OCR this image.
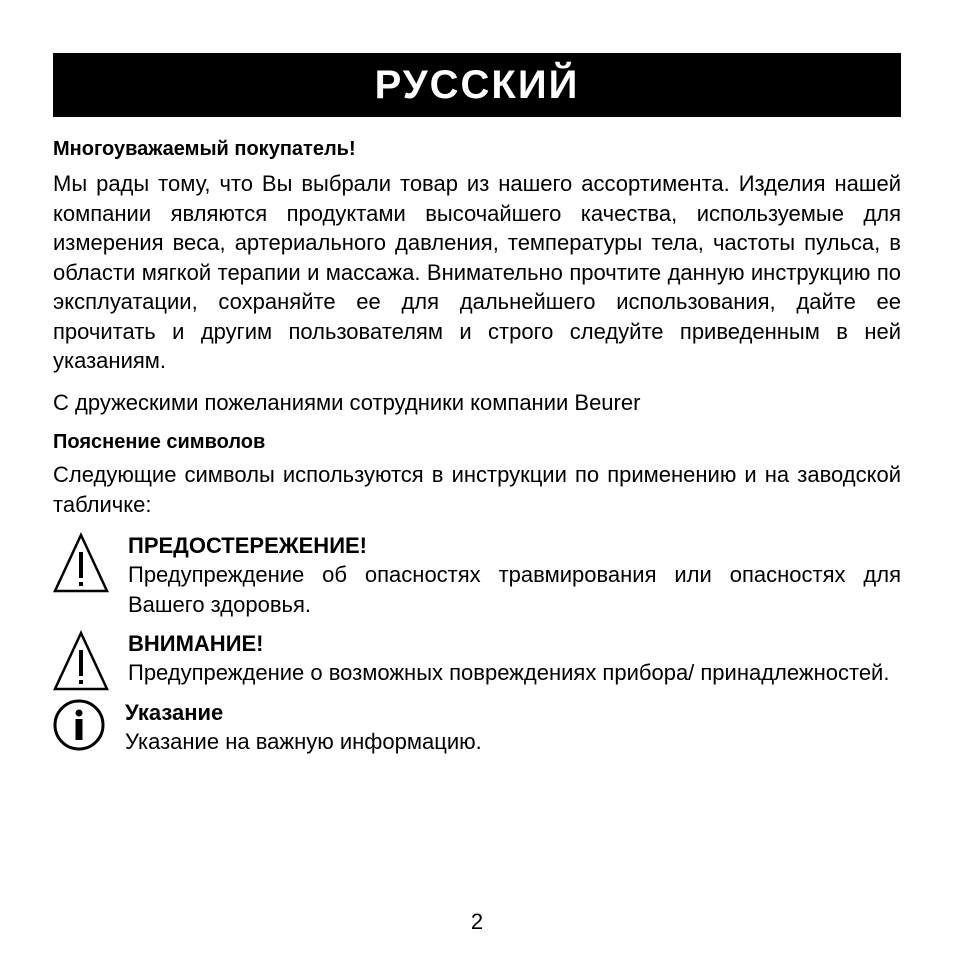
РУССКИЙ

Многоуважаемый покупатель!

Мы рады тому, что Вы выбрали товар из нашего ассортимента. Изделия нашей компании являются продуктами высочайшего качества, используемые для измерения веса, артериального давления, температуры тела, частоты пульса, в области мягкой терапии и массажа. Внимательно прочтите данную инструкцию по эксплуатации, сохраняйте ее для дальнейшего использования, дайте ее прочитать и другим пользователям и строго следуйте приведенным в ней указаниям.

С дружескими пожеланиями сотрудники компании Beurer

Пояснение символов

Следующие символы используются в инструкции по применению и на заводской табличке:

ПРЕДОСТЕРЕЖЕНИЕ!

Предупреждение об опасностях травмирования или опасностях для Вашего здоровья.

ВНИМАНИЕ!

Предупреждение о возможных повреждениях прибора/ принадлежностей.

Указание

Указание на важную информацию.

2
